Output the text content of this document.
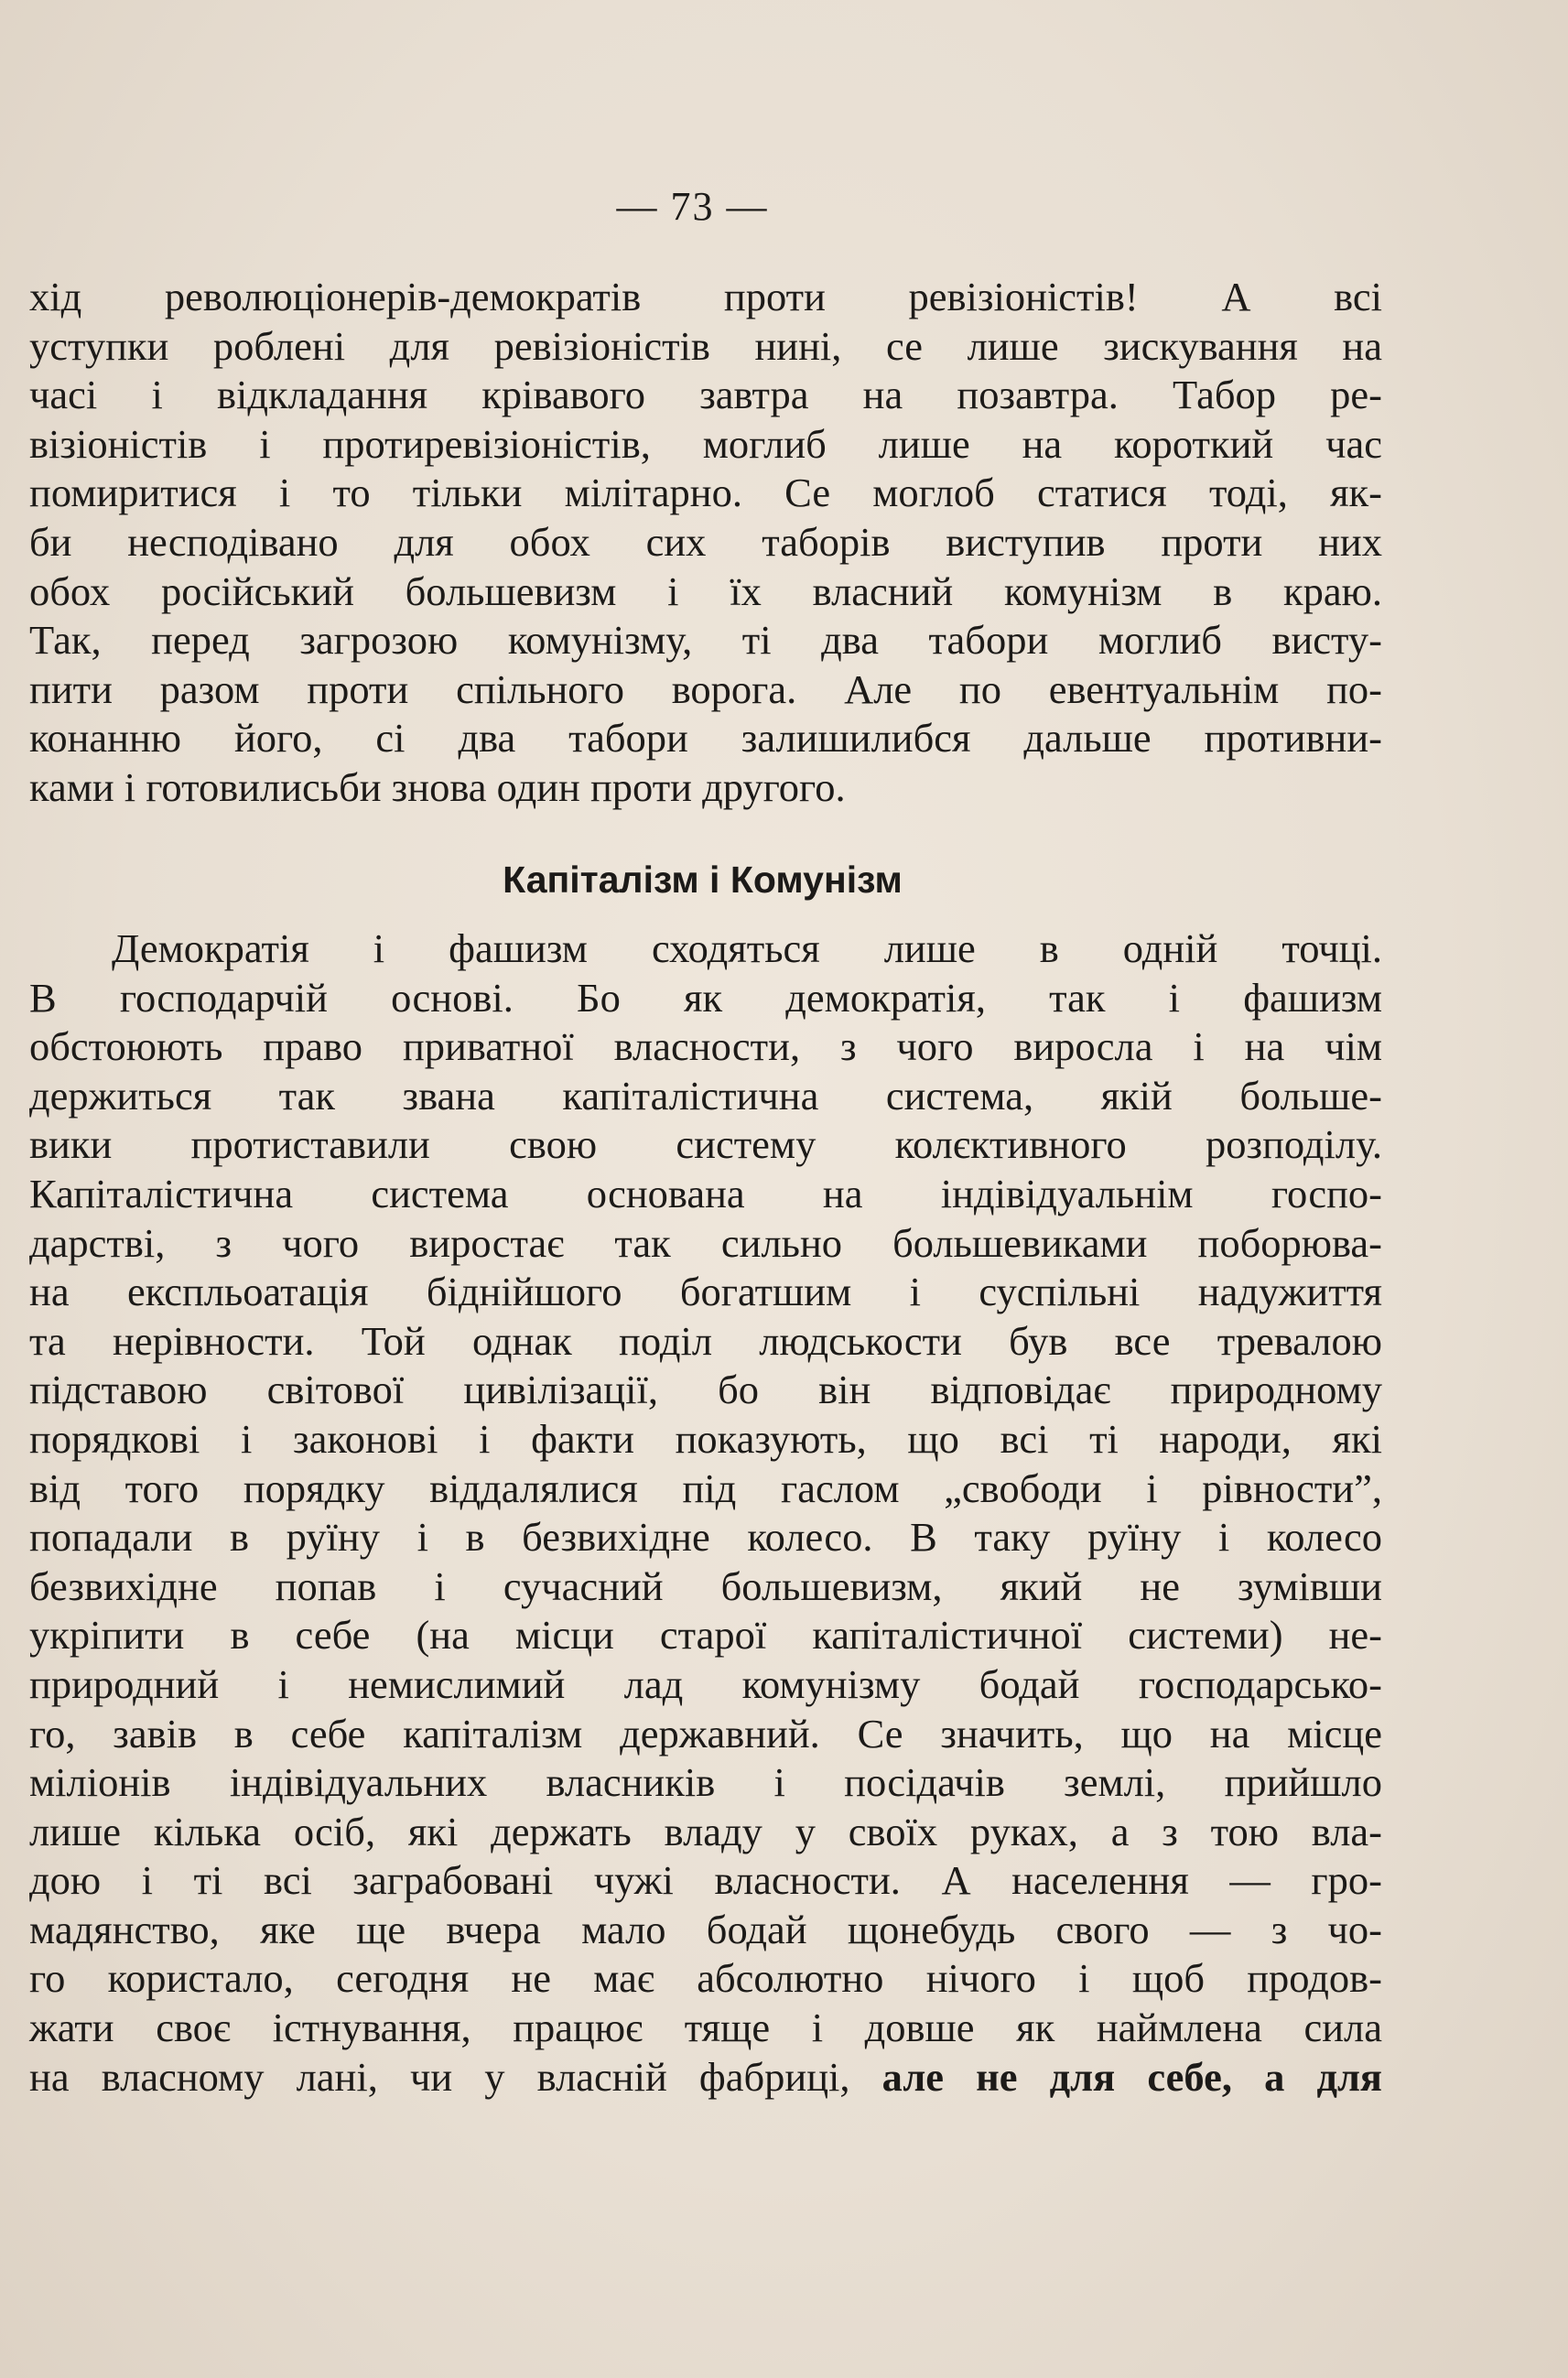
— 73 —
хід революціонерів-демократів проти ревізіоністів! А всі
уступки роблені для ревізіоністів нині, се лише зискування на
часі і відкладання крівавого завтра на позавтра. Табор ре-
візіоністів і протиревізіоністів, моглиб лише на короткий час
помиритися і то тільки мілітарно. Се моглоб статися тоді, як-
би несподівано для обох сих таборів виступив проти них
обох російський большевизм і їх власний комунізм в краю.
Так, перед загрозою комунізму, ті два табори моглиб висту-
пити разом проти спільного ворога. Але по евентуальнім по-
конанню його, сі два табори залишилибся дальше противни-
ками і готовилисьби знова один проти другого.
Капіталізм і Комунізм
Демократія і фашизм сходяться лише в одній точці.
В господарчій основі. Бо як демократія, так і фашизм
обстоюють право приватної власности, з чого виросла і на чім
держиться так звана капіталістична система, якій больше-
вики протиставили свою систему колєктивного розподілу.
Капіталістична система основана на індівідуальнім госпо-
дарстві, з чого виростає так сильно большевиками поборюва-
на експльоатація біднійшого богатшим і суспільні надужиття
та нерівности. Той однак поділ людськости був все тревалою
підставою світової цивілізації, бо він відповідає природному
порядкові і законові і факти показують, що всі ті народи, які
від того порядку віддалялися під гаслом „свободи і рівности”,
попадали в руїну і в безвихідне колесо. В таку руїну і колесо
безвихідне попав і сучасний большевизм, який не зумівши
укріпити в себе (на місци старої капіталістичної системи) не-
природний і немислимий лад комунізму бодай господарсько-
го, завів в себе капіталізм державний. Се значить, що на місце
міліонів індівідуальних власників і посідачів землі, прийшло
лише кілька осіб, які держать владу у своїх руках, а з тою вла-
дою і ті всі заграбовані чужі власности. А населення — гро-
мадянство, яке ще вчера мало бодай щонебудь свого — з чо-
го користало, сегодня не має абсолютно нічого і щоб продов-
жати своє істнування, працює тяще і довше як наймлена сила
на власному лані, чи у власній фабриці, але не для себе, а для
